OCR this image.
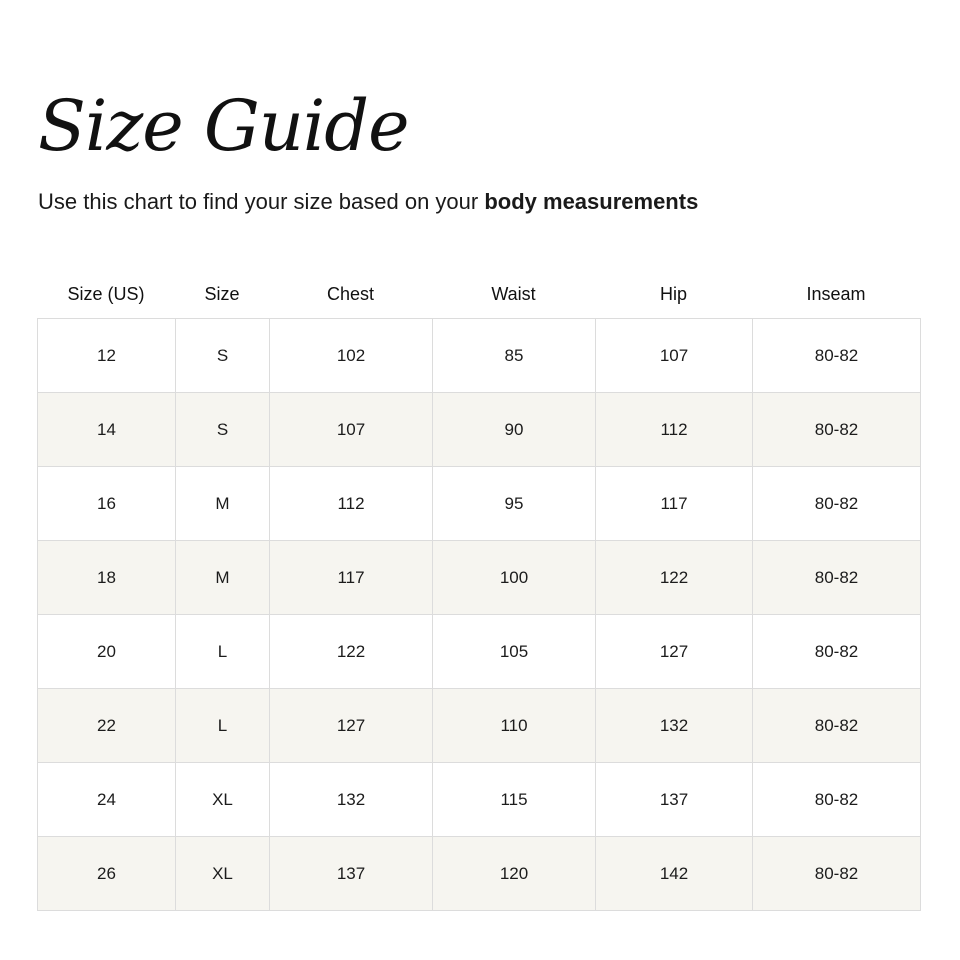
Size Guide

Use this chart to find your size based on your body measurements

Size (US)	Size	Chest	Waist	Hip	Inseam
12	S	102	85	107	80-82
14	S	107	90	112	80-82
16	M	112	95	117	80-82
18	M	117	100	122	80-82
20	L	122	105	127	80-82
22	L	127	110	132	80-82
24	XL	132	115	137	80-82
26	XL	137	120	142	80-82
